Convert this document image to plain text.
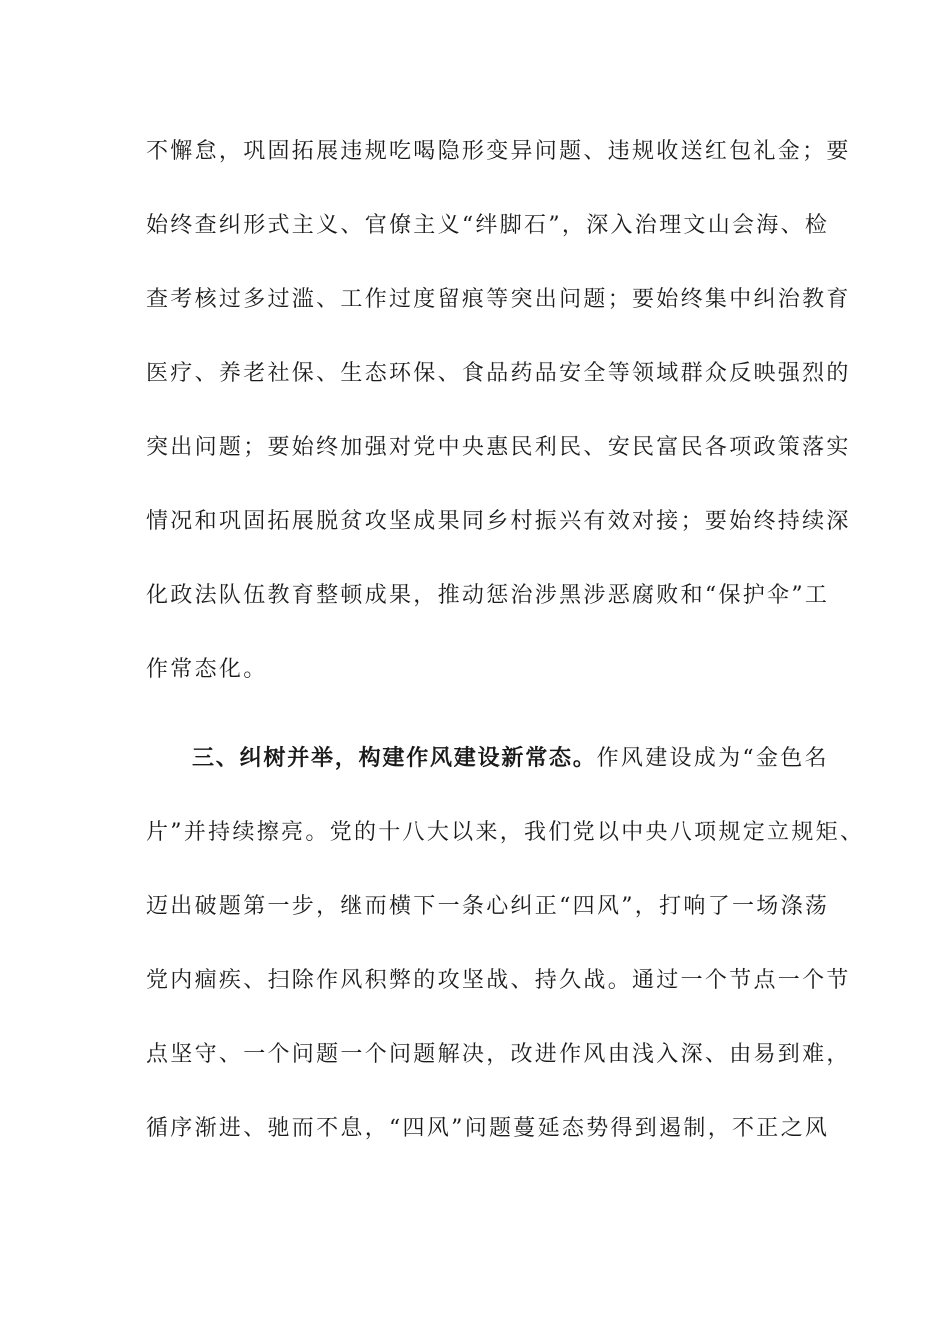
不懈怠，巩固拓展违规吃喝隐形变异问题、违规收送红包礼金；要
始终查纠形式主义、官僚主义“绊脚石”，深入治理文山会海、检
查考核过多过滥、工作过度留痕等突出问题；要始终集中纠治教育
医疗、养老社保、生态环保、食品药品安全等领域群众反映强烈的
突出问题；要始终加强对党中央惠民利民、安民富民各项政策落实
情况和巩固拓展脱贫攻坚成果同乡村振兴有效对接；要始终持续深
化政法队伍教育整顿成果，推动惩治涉黑涉恶腐败和“保护伞”工
作常态化。
三、纠树并举，构建作风建设新常态。作风建设成为“金色名
片”并持续擦亮。党的十八大以来，我们党以中央八项规定立规矩、
迈出破题第一步，继而横下一条心纠正“四风”，打响了一场涤荡
党内痼疾、扫除作风积弊的攻坚战、持久战。通过一个节点一个节
点坚守、一个问题一个问题解决，改进作风由浅入深、由易到难，
循序渐进、驰而不息，“四风”问题蔓延态势得到遏制，不正之风
